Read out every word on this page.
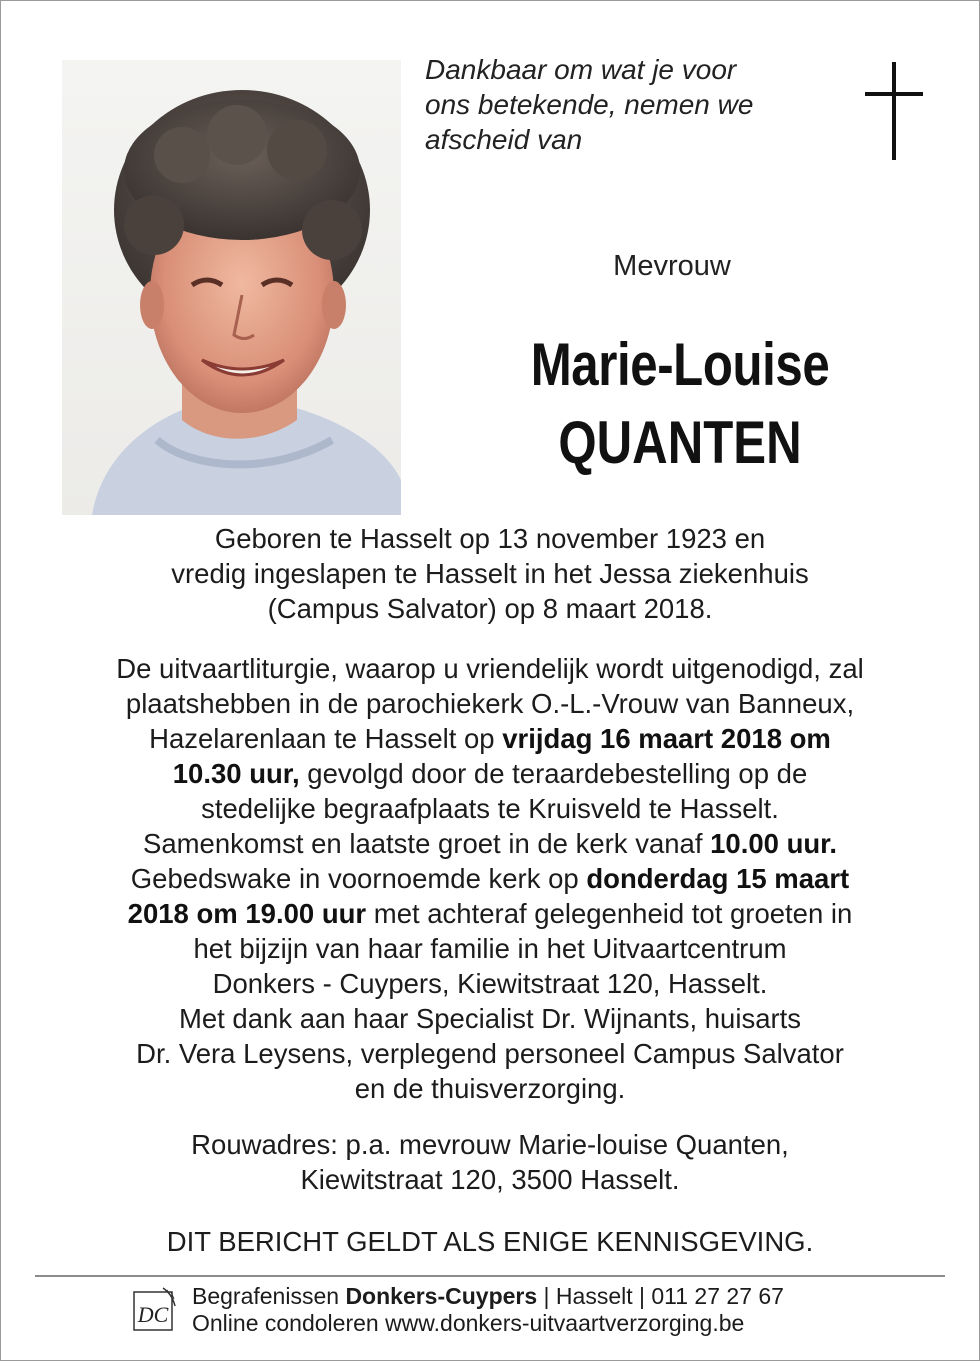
Dankbaar om wat je voor
ons betekende, nemen we
afscheid van
Mevrouw
Marie-Louise
QUANTEN
Geboren te Hasselt op 13 november 1923 en
vredig ingeslapen te Hasselt in het Jessa ziekenhuis
(Campus Salvator) op 8 maart 2018.
De uitvaartliturgie, waarop u vriendelijk wordt uitgenodigd, zal
plaatshebben in de parochiekerk O.-L.-Vrouw van Banneux,
Hazelarenlaan te Hasselt op vrijdag 16 maart 2018 om
10.30 uur, gevolgd door de teraardebestelling op de
stedelijke begraafplaats te Kruisveld te Hasselt.
Samenkomst en laatste groet in de kerk vanaf 10.00 uur.
Gebedswake in voornoemde kerk op donderdag 15 maart
2018 om 19.00 uur met achteraf gelegenheid tot groeten in
het bijzijn van haar familie in het Uitvaartcentrum
Donkers - Cuypers, Kiewitstraat 120, Hasselt.
Met dank aan haar Specialist Dr. Wijnants, huisarts
Dr. Vera Leysens, verplegend personeel Campus Salvator
en de thuisverzorging.
Rouwadres: p.a. mevrouw Marie-louise Quanten,
Kiewitstraat 120, 3500 Hasselt.
DIT BERICHT GELDT ALS ENIGE KENNISGEVING.
DC
Begrafenissen Donkers-Cuypers | Hasselt | 011 27 27 67
Online condoleren www.donkers-uitvaartverzorging.be
